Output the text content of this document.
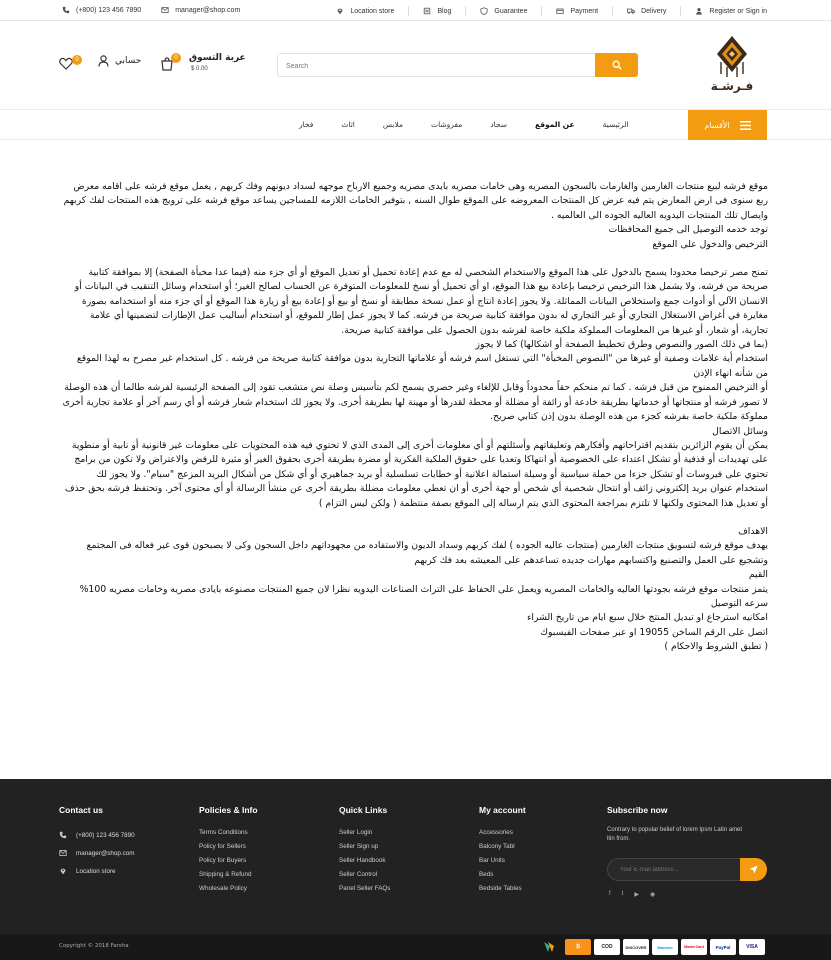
(+800) 123 456 7890	manager@shop.com	Location store	Blog	Guarantee	Payment	Delivery	Register or Sign in
فـرشـة
Search
0	عربة التسوق
$ 0.00
حسابي
0
الرئيسية
عن الموقع
سجاد
مفروشات
ملابس
اثاث
فخار	الأقسام

موقع فرشه لبيع منتجات الغارمين والغارمات بالسجون المصريه وهى خامات مصريه بايدى مصريه وجميع الارباح موجهه لسداد ديونهم وفك كربهم , يعمل موقع فرشه على اقامه معرض ربع سنوى فى ارض المعارض يتم فيه عرض كل المنتجات المعروضه على الموقع طوال السنه , بتوفير الخامات اللازمه للمساجين يساعد موقع فرشه على ترويج هذه المنتجات لفك كربهم وايصال تلك المنتجات اليدويه العاليه الجوده الى العالميه .

توجد خدمه التوصيل الى جميع المحافظات

الترخيص والدخول على الموقع

تمنح مصر ترخيصا محدودا يسمح بالدخول على هذا الموقع والاستخدام الشخصي له مع عدم إعادة تحميل أو تعديل الموقع أو أي جزء منه (فيما عدا مخبأة الصفحة) إلا بموافقة كتابية صريحة من فرشه. ولا يشمل هذا الترخيص ترخيصا بإعادة بيع هذا الموقع، او أي تحميل أو نسخ للمعلومات المتوفرة عن الحساب لصالح الغير؛ أو استخدام وسائل التنقيب في البيانات أو الانسان الآلي أو أدوات جمع واستخلاص البيانات المماثلة. ولا يجوز إعادة انتاج أو عمل نسخة مطابقة أو نسخ أو بيع أو إعادة بيع أو زيارة هذا الموقع أو أي جزء منه أو استخدامه بصورة مغايرة في أغراض الاستغلال التجاري أو غير التجاري له بدون موافقة كتابية صريحة من فرشه. كما لا يجوز عمل إطار للموقع، أو استخدام أساليب عمل الإطارات لتضمينها أي علامة تجارية، أو شعار، أو غيرها من المعلومات المملوكة ملكية خاصة لفرشه بدون الحصول على موافقة كتابية صريحة.

(بما في ذلك الصور والنصوص وطرق تخطيط الصفحة أو اشكالها) كما لا يجوز

استخدام أية علامات وصفية أو غيرها من "النصوص المخبأة" التي تستغل اسم فرشه أو علاماتها التجارية بدون موافقة كتابية صريحة من فرشه . كل استخدام غير مصرح به لهذا الموقع من شأنه انهاء الإذن

أو الترخيص الممنوح من قبل فرشه . كما تم منحكم حقاً محدوداً وقابل للإلغاء وغير حصري يسمح لكم بتأسيس وصلة نص متشعب تقود إلى الصفحة الرئيسية لفرشه طالما أن هذه الوصلة لا تصور فرشه أو منتجاتها أو خدماتها بطريقة خادعة أو زائفة أو مضللة أو محطة لقدرها أو مهينة لها بطريقة أخرى. ولا يجوز لك استخدام شعار فرشه أو أي رسم آخر أو علامة تجارية أخرى مملوكة ملكية خاصة بفرشه كجزء من هذه الوصلة بدون إذن كتابي صريح.

وسائل الاتصال

يمكن أن يقوم الزائرين بتقديم اقتراحاتهم وأفكارهم وتعليقاتهم وأسئلتهم أو أي معلومات أخرى إلى المدى الذي لا تحتوي فيه هذه المحتويات على معلومات غير قانونية أو نابية أو منطوية على تهديدات أو قذفية أو تشكل اعتداء على الخصوصية أو انتهاكا وتعديا على حقوق الملكية الفكرية أو مضرة بطريقة أخرى بحقوق الغير أو مثيرة للرفض والاعتراض ولا تكون من برامج تحتوي على فيروسات أو تشكل جزءا من حملة سياسية أو وسيلة استمالة اعلانية أو خطابات تسلسلية أو بريد جماهيري أو أي شكل من أشكال البريد المزعج "سبام". ولا يجوز لك استخدام عنوان بريد إلكتروني زائف أو انتحال شخصية أي شخص أو جهة أخرى أو ان تعطي معلومات مضللة بطريقة أخرى عن منشأ الرسالة أو أي محتوى آخر. وتحتفظ فرشه بحق حذف أو تعديل هذا المحتوى ولكنها لا تلتزم بمراجعة المحتوى الذي يتم ارساله إلى الموقع بصفة منتظمة ( ولكن ليس التزام )

الاهداف

يهدف موقع فرشه لتسويق منتجات الغارمين (منتجات عاليه الجوده ) لفك كربهم وسداد الديون والاستفاده من مجهوداتهم داخل السجون وكى لا يصبحون قوى غير فعاله فى المجتمع وتشجيع على العمل والتصنيع واكتسابهم مهارات جديده تساعدهم على المعيشه بعد فك كربهم

القيم

يتمز منتجات موقع فرشه بجودتها العاليه والخامات المصريه ويعمل على الحفاظ على التراث الصناعات اليدويه نظرا لان جميع المنتجات مصنوعه بايادى مصريه وخامات مصريه 100%

سرعه التوصيل

امكانيه استرجاع او تبديل المنتج خلال سبع ايام من تاريخ الشراء

اتصل على الرقم الساخن 19055 او عبر صفحات الفيسبوك

( تطبق الشروط والاحكام )

Contact us
(+800) 123 456 7890
manager@shop.com
Location store
Policies & Info
Terms Conditions
Policy for Sellers
Policy for Buyers
Shipping & Refund
Wholesale Policy
Quick Links
Seller Login
Seller Sign up
Seller Handbook
Seller Control
Panel Seller FAQs
My account
Accessories
Balcony Tabl
Bar Units
Beds
Bedside Tables
Subscribe now
Contrary to popular belief of lorem Ipsm Latin amet ltin from.
Your E-mail address...
f t ▶ ◉
Copyright © 2018 Farsha	₿	COD	DISCOVER	Maestro	MasterCard	PayPal	VISA
